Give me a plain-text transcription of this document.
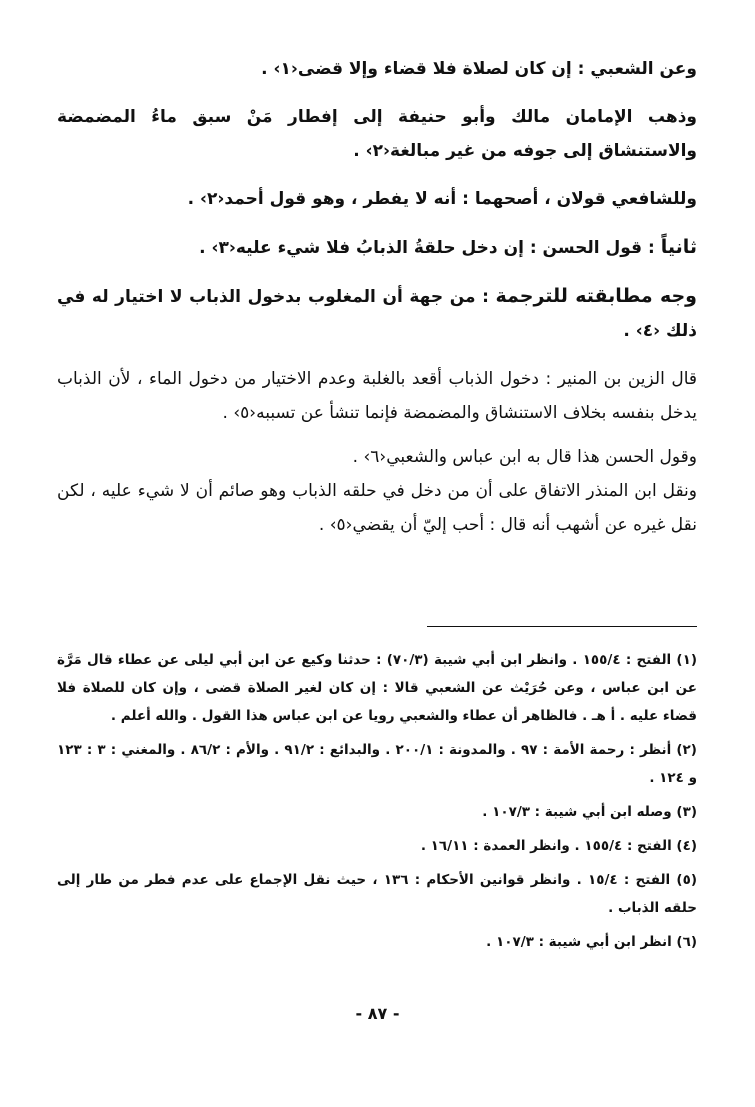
وعن الشعبي : إن كان لصلاة فلا قضاء وإلا قضى‹١› .

وذهب الإمامان مالك وأبو حنيفة إلى إفطار مَنْ سبق ماءُ المضمضة والاستنشاق إلى جوفه من غير مبالغة‹٢› .

وللشافعي قولان ، أصحهما : أنه لا يفطر ، وهو قول أحمد‹٢› .

ثانياً : قول الحسن : إن دخل حلقةُ الذبابُ فلا شيء عليه‹٣› .

وجه مطابقته للترجمة : من جهة أن المغلوب بدخول الذباب لا اختيار له في ذلك ‹٤› .

قال الزين بن المنير : دخول الذباب أقعد بالغلبة وعدم الاختيار من دخول الماء ، لأن الذباب يدخل بنفسه بخلاف الاستنشاق والمضمضة فإنما تنشأ عن تسببه‹٥› .

وقول الحسن هذا قال به ابن عباس والشعبي‹٦› .

ونقل ابن المنذر الاتفاق على أن من دخل في حلقه الذباب وهو صائم أن لا شيء عليه ، لكن نقل غيره عن أشهب أنه قال : أحب إليّ أن يقضي‹٥› .

(١) الفتح : ١٥٥/٤ . وانظر ابن أبي شيبة (٧٠/٣) : حدثنا وكيع عن ابن أبي ليلى عن عطاء قال مَرَّة عن ابن عباس ، وعن حُرَيْث عن الشعبي قالا : إن كان لغير الصلاة قضى ، وإن كان للصلاة فلا قضاء عليه . أ هـ . فالظاهر أن عطاء والشعبي رويا عن ابن عباس هذا القول . والله أعلم .

(٢) أنظر : رحمة الأمة : ٩٧ . والمدونة : ٢٠٠/١ . والبدائع : ٩١/٢ . والأم : ٨٦/٢ . والمغني : ٣ : ١٢٣ و ١٢٤ .

(٣) وصله ابن أبي شيبة : ١٠٧/٣ .

(٤) الفتح : ١٥٥/٤ . وانظر العمدة : ١٦/١١ .

(٥) الفتح : ١٥/٤ . وانظر قوانين الأحكام : ١٣٦ ، حيث نقل الإجماع على عدم فطر من طار إلى حلقه الذباب .

(٦) انظر ابن أبي شيبة : ١٠٧/٣ .

- ٨٧ -
